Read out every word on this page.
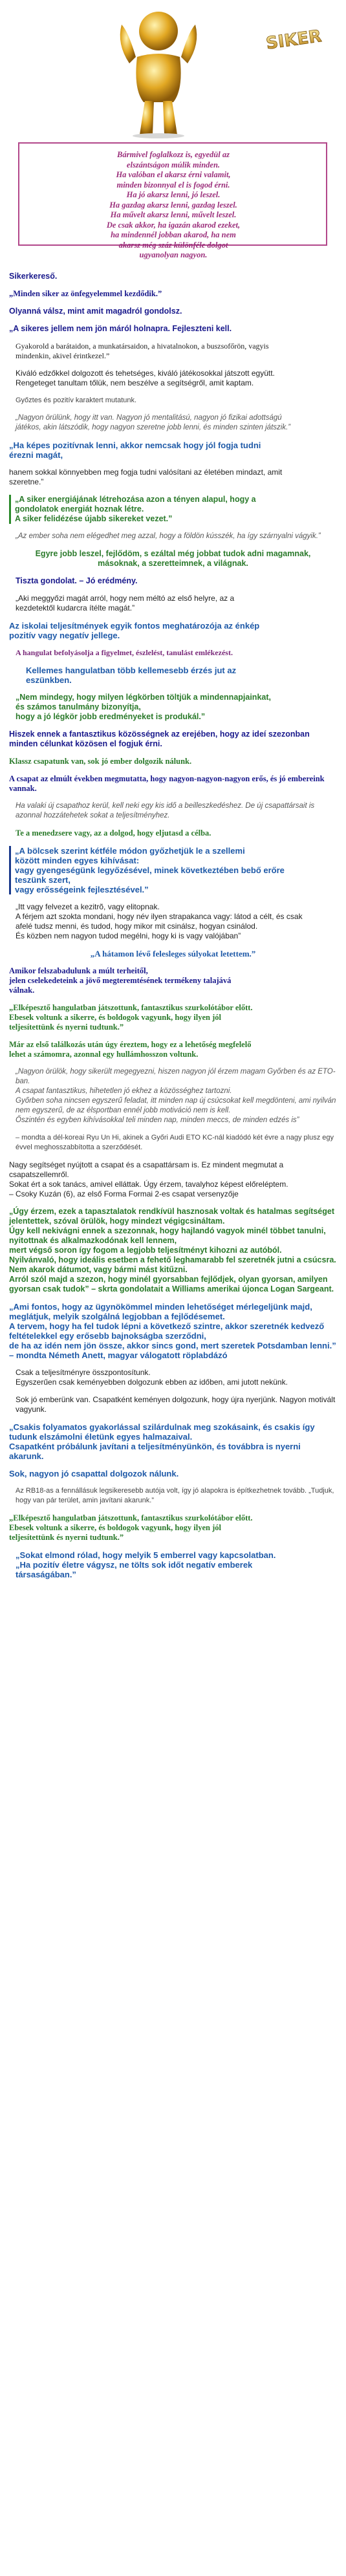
SIKER
Bármivel foglalkozz is, egyedül az
elszántságon múlik minden.
Ha valóban el akarsz érni valamit,
minden bizonnyal el is fogod érni.
Ha jó akarsz lenni, jó leszel.
Ha gazdag akarsz lenni, gazdag leszel.
Ha művelt akarsz lenni, művelt leszel.
De csak akkor, ha igazán akarod ezeket,
ha mindennél jobban akarod, ha nem
akarsz még száz különféle dolgot
ugyanolyan nagyon.

Sikerkereső.

„Minden siker az önfegyelemmel kezdődik.”

Olyanná válsz, mint amit magadról gondolsz.

„A sikeres jellem nem jön máról holnapra. Fejleszteni kell.

Gyakorold a barátaidon, a munkatársaidon, a hivatalnokon, a buszsofőrön, vagyis

mindenkin, akivel érintkezel.”

Kiváló edzőkkel dolgozott és tehetséges, kiváló játékosokkal játszott együtt.

Rengeteget tanultam tőlük, nem beszélve a segítségről, amit kaptam.

Győztes és pozitív karaktert mutatunk.

„Nagyon örülünk, hogy itt van. Nagyon jó mentalitású, nagyon jó fizikai adottságú

játékos, akin látszódik, hogy nagyon szeretne jobb lenni, és minden szinten játszik.”

„Ha képes pozitívnak lenni, akkor nemcsak hogy jól fogja tudni

érezni magát,

hanem sokkal könnyebben meg fogja tudni valósítani az életében mindazt, amit

szeretne.”

„A siker energiájának létrehozása azon a tényen alapul, hogy a

gondolatok energiát hoznak létre.

A siker felidézése újabb sikereket vezet.”

„Az ember soha nem elégedhet meg azzal, hogy a földön kússzék, ha így szárnyalni vágyik.”

Egyre jobb leszel, fejlődöm, s ezáltal még jobbat tudok adni magamnak,

másoknak, a szeretteimnek, a világnak.

Tiszta gondolat. – Jó erédmény.

„Aki meggyőzi magát arról, hogy nem méltó az első helyre, az a

kezdetektől kudarcra ítélte magát.”

Az iskolai teljesítmények egyik fontos meghatározója az énkép

pozitív vagy negatív jellege.

A hangulat befolyásolja a figyelmet, észlelést, tanulást emlékezést.

Kellemes hangulatban több kellemesebb érzés jut az

eszünkben.

„Nem mindegy, hogy milyen légkörben töltjük a mindennapjainkat,

és számos tanulmány bizonyítja,

hogy a jó légkör jobb eredményeket is produkál.”

Hiszek ennek a fantasztikus közösségnek az erejében, hogy az ideí szezonban minden célunkat közösen el fogjuk érni.

Klassz csapatunk van, sok jó ember dolgozik nálunk.

A csapat az elmúlt években megmutatta, hogy nagyon-nagyon-nagyon erős, és jó embereink vannak.

Ha valaki új csapathoz kerül, kell neki egy kis idő a beilleszkedéshez. De új csapattársait is azonnal hozzátehetek sokat a teljesítményhez.

Te a menedzsere vagy, az a dolgod, hogy eljutasd a célba.

„A bölcsek szerint kétféle módon győzhetjük le a szellemi

között minden egyes kihívásat:

vagy gyengeségünk legyőzésével, minek következtében bebő erőre

teszünk szert,

vagy erősségeink fejlesztésével.”

„Itt vagy felvezet a kezitrõ, vagy elitopnak.

A férjem azt szokta mondani, hogy név ilyen strapakanca vagy: látod a célt, és csak

afelé tudsz menni, és tudod, hogy mikor mit csinálsz, hogyan csinálod.

És közben nem nagyon tudod megélni, hogy ki is vagy valójában”

„A hátamon lévő felesleges súlyokat letettem.”

Amikor felszabadulunk a múlt terheitől,

jelen cselekedeteink a jövő megteremtésének termékeny talajává

válnak.

„Elképesztő hangulatban játszottunk, fantasztikus szurkolótábor előtt.

Ebesek voltunk a sikerre, és boldogok vagyunk, hogy ilyen jól

teljesítettünk és nyerni tudtunk.”

Már az első találkozás után úgy éreztem, hogy ez a lehetőség megfelelő

lehet a számomra, azonnal egy hullámhosszon voltunk.

„Nagyon örülök, hogy sikerült megegyezni, hiszen nagyon jól érzem magam Győrben és az ETO-ban.

A csapat fantasztikus, hihetetlen jó ekhez a közösséghez tartozni.

Győrben soha nincsen egyszerű feladat, itt minden nap új csúcsokat kell megdönteni, ami nyilván nem egyszerű, de az élsportban ennél jobb motiváció nem is kell.

Őszintén és egyben kihívásokkal teli minden nap, minden meccs, de minden edzés is”

– mondta a dél-koreai Ryu Un Hi, akinek a Győri Audi ETO KC-nál kiadódó két évre a nagy plusz egy évvel meghosszabbította a szerződését.

Nagy segítséget nyújtott a csapat és a csapattársam is. Ez mindent megmutat a csapatszellemről.

Sokat ért a sok tanács, amivel elláttak. Úgy érzem, tavalyhoz képest előreléptem.

– Csoky Kuzán (6), az első Forma Formai 2-es csapat versenyzője

„Úgy érzem, ezek a tapasztalatok rendkívül hasznosak voltak és hatalmas segítséget jelentettek, szóval örülök, hogy mindezt végigcsináltam.

Úgy kell nekivágni ennek a szezonnak, hogy hajlandó vagyok minél többet tanulni, nyitottnak és alkalmazkodónak kell lennem,

mert végső soron így fogom a legjobb teljesítményt kihozni az autóból.

Nyilvánvaló, hogy ideális esetben a fehető leghamarabb fel szeretnék jutni a csúcsra. Nem akarok dátumot, vagy bármi mást kitűzni.

Arról szól majd a szezon, hogy minél gyorsabban fejlődjek, olyan gyorsan, amilyen gyorsan csak tudok” – skrta gondolatait a Williams amerikai újonca Logan Sargeant.

„Ami fontos, hogy az ügynökömmel minden lehetőséget mérlegeljünk majd,

meglátjuk, melyik szolgálná legjobban a fejlődésemet.

A tervem, hogy ha fel tudok lépni a következő szintre, akkor szeretnék kedvező feltételekkel egy erősebb bajnokságba szerződni,

de ha az idén nem jön össze, akkor sincs gond, mert szeretek Potsdamban lenni.”

– mondta Németh Anett, magyar válogatott röplabdázó

Csak a teljesítményre összpontosítunk.

Egyszerűen csak keményebben dolgozunk ebben az időben, ami jutott nekünk.

Sok jó emberünk van. Csapatként keményen dolgozunk, hogy újra nyerjünk. Nagyon motivált vagyunk.

„Csakis folyamatos gyakorlással szilárdulnak meg szokásaink, és csakis így tudunk elszámolni életünk egyes halmazaival.

Csapatként próbálunk javítani a teljesítményünkön, és továbbra is nyerni akarunk.

Sok, nagyon jó csapattal dolgozok nálunk.

Az RB18-as a fennállásuk legsikeresebb autója volt, így jó alapokra is építkezhetnek tovább. „Tudjuk, hogy van pár terület, amin javítani akarunk.”

„Elképesztő hangulatban játszottunk, fantasztikus szurkolótábor előtt.

Ebesek voltunk a sikerre, és boldogok vagyunk, hogy ilyen jól

teljesítettünk és nyerni tudtunk.”

„Sokat elmond rólad, hogy melyik 5 emberrel vagy kapcsolatban.

„Ha pozitív életre vágysz, ne tölts sok időt negatív emberek

társaságában.”
